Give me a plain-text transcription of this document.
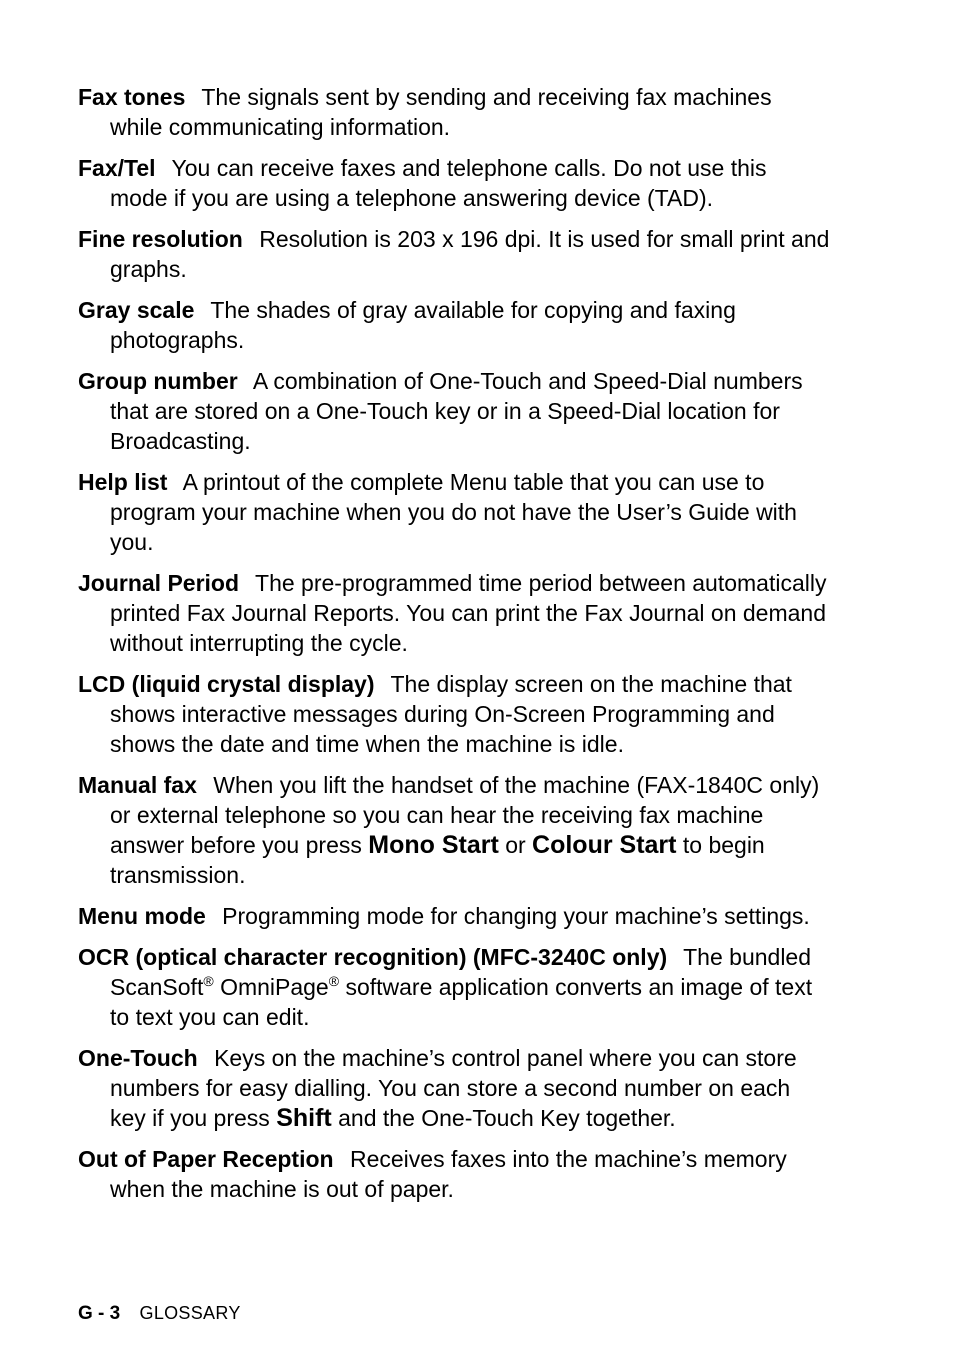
Fax tones The signals sent by sending and receiving fax machines while communicating information.
Fax/Tel You can receive faxes and telephone calls. Do not use this mode if you are using a telephone answering device (TAD).
Fine resolution Resolution is 203 x 196 dpi. It is used for small print and graphs.
Gray scale The shades of gray available for copying and faxing photographs.
Group number A combination of One-Touch and Speed-Dial numbers that are stored on a One-Touch key or in a Speed-Dial location for Broadcasting.
Help list A printout of the complete Menu table that you can use to program your machine when you do not have the User’s Guide with you.
Journal Period The pre-programmed time period between automatically printed Fax Journal Reports. You can print the Fax Journal on demand without interrupting the cycle.
LCD (liquid crystal display) The display screen on the machine that shows interactive messages during On-Screen Programming and shows the date and time when the machine is idle.
Manual fax When you lift the handset of the machine (FAX-1840C only) or external telephone so you can hear the receiving fax machine answer before you press Mono Start or Colour Start to begin transmission.
Menu mode Programming mode for changing your machine’s settings.
OCR (optical character recognition) (MFC-3240C only) The bundled ScanSoft® OmniPage® software application converts an image of text to text you can edit.
One-Touch Keys on the machine’s control panel where you can store numbers for easy dialling. You can store a second number on each key if you press Shift and the One-Touch Key together.
Out of Paper Reception Receives faxes into the machine’s memory when the machine is out of paper.
G - 3 GLOSSARY
